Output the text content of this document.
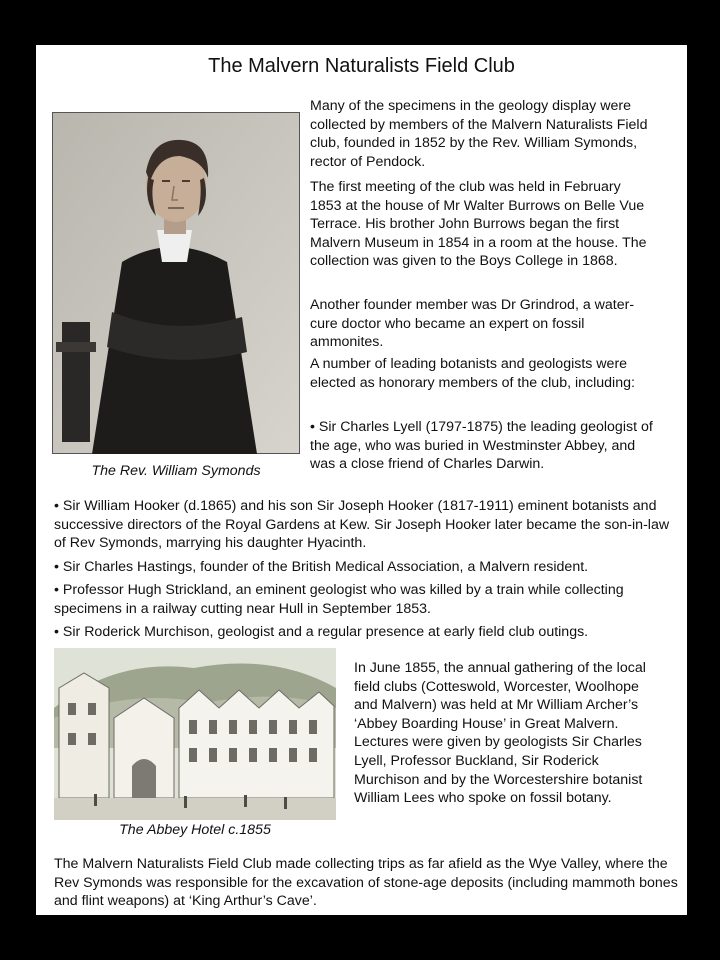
The Malvern Naturalists Field Club
The Rev. William Symonds

Many of the specimens in the geology display were collected by members of the Malvern Naturalists Field club, founded in 1852 by the Rev. William Symonds, rector of Pendock.

The first meeting of the club was held in February 1853 at the house of Mr Walter Burrows on Belle Vue Terrace. His brother John Burrows began the first Malvern Museum in 1854 in a room at the house. The collection was given to the Boys College in 1868.

Another founder member was Dr Grindrod, a water-cure doctor who became an expert on fossil ammonites.

A number of leading botanists and geologists were elected as honorary members of the club, including:

• Sir Charles Lyell (1797-1875) the leading geologist of the age, who was buried in Westminster Abbey, and was a close friend of Charles Darwin.

• Sir William Hooker (d.1865) and his son Sir Joseph Hooker (1817-1911) eminent botanists and successive directors of the Royal Gardens at Kew. Sir Joseph Hooker later became the son-in-law of Rev Symonds, marrying his daughter Hyacinth.

• Sir Charles Hastings, founder of the British Medical Association, a Malvern resident.

• Professor Hugh Strickland, an eminent geologist who was killed by a train while collecting specimens in a railway cutting near Hull in September 1853.

• Sir Roderick Murchison, geologist and a regular presence at early field club outings.

The Abbey Hotel c.1855

In June 1855, the annual gathering of the local field clubs (Cotteswold, Worcester, Woolhope and Malvern) was held at Mr William Archer’s ‘Abbey Boarding House’ in Great Malvern. Lectures were given by geologists Sir Charles Lyell, Professor Buckland, Sir Roderick Murchison and by the Worcestershire botanist William Lees who spoke on fossil botany.

The Malvern Naturalists Field Club made collecting trips as far afield as the Wye Valley, where the Rev Symonds was responsible for the excavation of stone-age deposits (including mammoth bones and flint weapons) at ‘King Arthur’s Cave’.
